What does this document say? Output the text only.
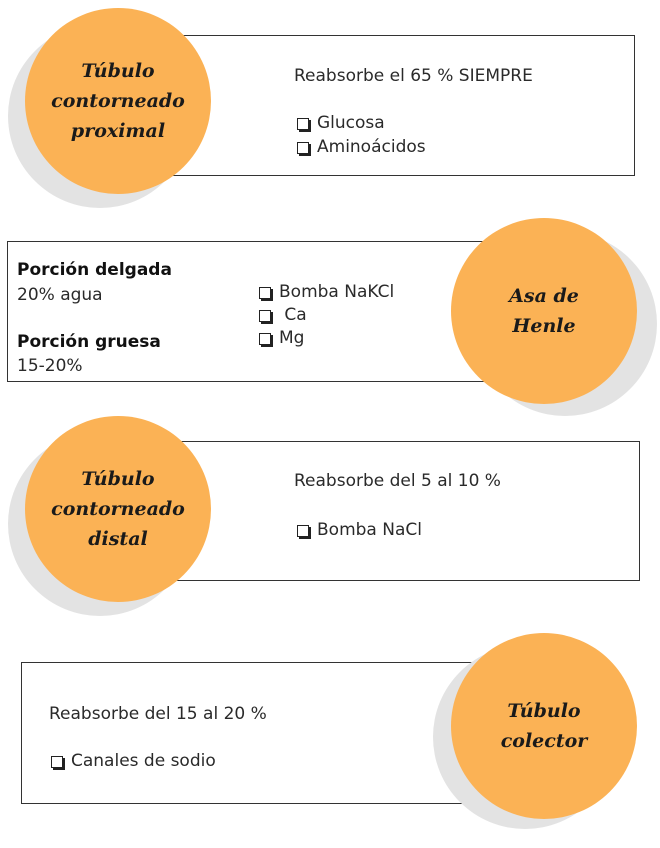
Túbulo
contorneado
proximal
Reabsorbe el 65 % SIEMPRE
Glucosa
Aminoácidos
Asa de
Henle
Porción delgada
20% agua
Porción gruesa
15-20%
Bomba NaKCl
Ca
Mg
Túbulo
contorneado
distal
Reabsorbe del 5 al 10 %
Bomba NaCl
Túbulo
colector
Reabsorbe del 15 al 20 %
Canales de sodio
